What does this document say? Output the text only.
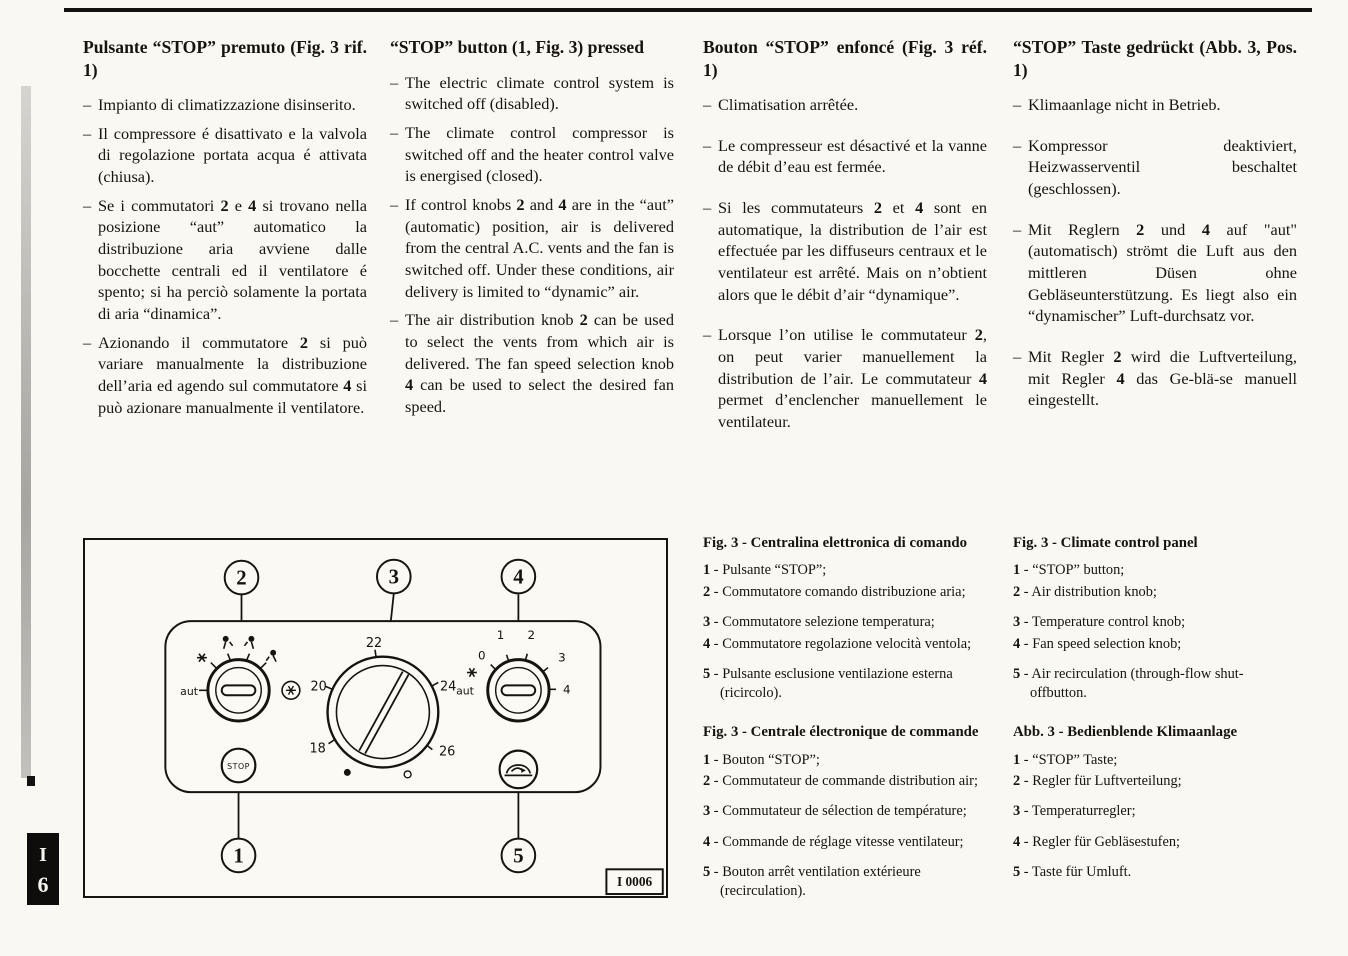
I
6
Pulsante “STOP” premuto (Fig. 3 rif. 1)
– Impianto di climatizzazione disinserito.
– Il compressore é disattivato e la valvola di regolazione portata acqua é attivata (chiusa).
– Se i commutatori 2 e 4 si trovano nella posizione “aut” automatico la distribuzione aria avviene dalle bocchette centrali ed il ventilatore é spento; si ha perciò solamente la portata di aria “dinamica”.
– Azionando il commutatore 2 si può variare manualmente la distribuzione dell’aria ed agendo sul commutatore 4 si può azionare manualmente il ventilatore.
“STOP” button (1, Fig. 3) pressed
– The electric climate control system is switched off (disabled).
– The climate control compressor is switched off and the heater control valve is energised (closed).
– If control knobs 2 and 4 are in the “aut” (automatic) position, air is delivered from the central A.C. vents and the fan is switched off. Under these conditions, air delivery is limited to “dynamic” air.
– The air distribution knob 2 can be used to select the vents from which air is delivered. The fan speed selection knob 4 can be used to select the desired fan speed.
Bouton “STOP” enfoncé (Fig. 3 réf. 1)
– Climatisation arrêtée.
– Le compresseur est désactivé et la vanne de débit d’eau est fermée.
– Si les commutateurs 2 et 4 sont en automatique, la distribution de l’air est effectuée par les diffuseurs centraux et le ventilateur est arrêté. Mais on n’obtient alors que le débit d’air “dynamique”.
– Lorsque l’on utilise le commutateur 2, on peut varier manuellement la distribution de l’air. Le commutateur 4 permet d’enclencher manuellement le ventilateur.
“STOP” Taste gedrückt (Abb. 3, Pos. 1)
– Klimaanlage nicht in Betrieb.
– Kompressor deaktiviert, Heizwasserventil beschaltet (geschlossen).
– Mit Reglern 2 und 4 auf "aut" (automatisch) strömt die Luft aus den mittleren Düsen ohne Gebläseunterstützung. Es liegt also ein “dynamischer” Luft-durchsatz vor.
– Mit Regler 2 wird die Luftverteilung, mit Regler 4 das Ge-blä-se manuell eingestellt.
2	3	4
1	5
aut
22
20
18
24
26
0
1 2
3
4
aut
STOP
I 0006

Fig. 3 - Centralina elettronica di comando

1 - Pulsante “STOP”;
2 - Commutatore comando distribuzione aria;
3 - Commutatore selezione temperatura;
4 - Commutatore regolazione velocità ventola;
5 - Pulsante esclusione ventilazione esterna (ricircolo).

Fig. 3 - Centrale électronique de commande

1 - Bouton “STOP”;
2 - Commutateur de commande distribution air;
3 - Commutateur de sélection de température;
4 - Commande de réglage vitesse ventilateur;
5 - Bouton arrêt ventilation extérieure (recirculation).

Fig. 3 - Climate control panel

1 - “STOP” button;
2 - Air distribution knob;
3 - Temperature control knob;
4 - Fan speed selection knob;
5 - Air recirculation (through-flow shut-offbutton.

Abb. 3 - Bedienblende Klimaanlage

1 - “STOP” Taste;
2 - Regler für Luftverteilung;
3 - Temperaturregler;
4 - Regler für Gebläsestufen;
5 - Taste für Umluft.
